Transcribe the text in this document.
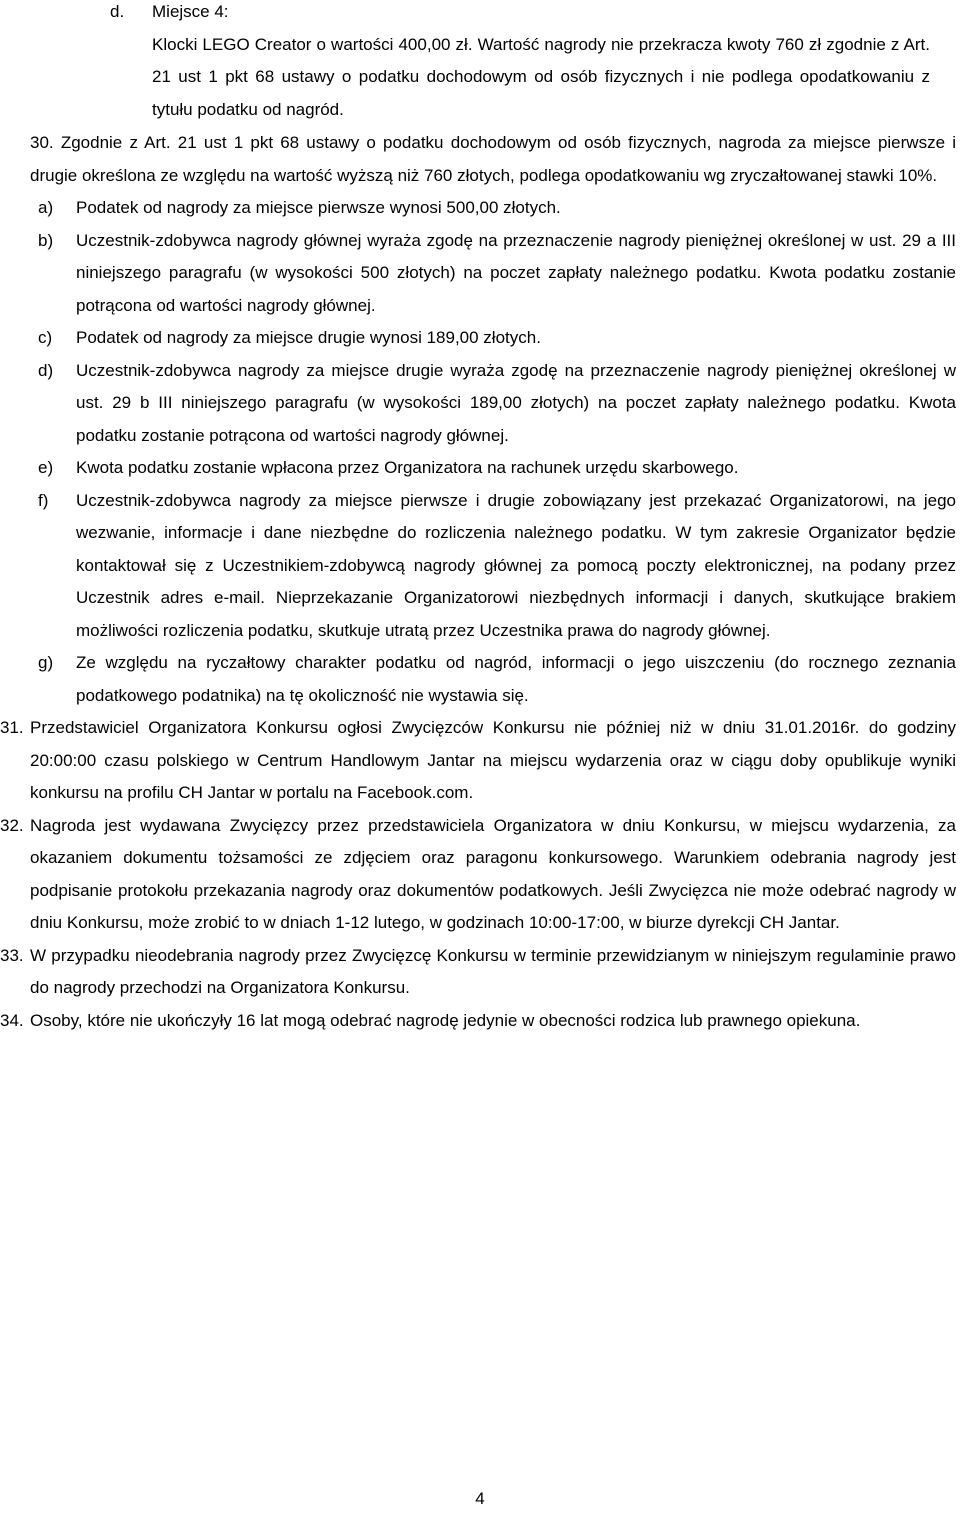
d. Miejsce 4:
Klocki LEGO Creator o wartości 400,00 zł. Wartość nagrody nie przekracza kwoty 760 zł zgodnie z Art. 21 ust 1 pkt 68 ustawy o podatku dochodowym od osób fizycznych i nie podlega opodatkowaniu z tytułu podatku od nagród.
30. Zgodnie z Art. 21 ust 1 pkt 68 ustawy o podatku dochodowym od osób fizycznych, nagroda za miejsce pierwsze i drugie określona ze względu na wartość wyższą niż 760 złotych, podlega opodatkowaniu wg zryczałtowanej stawki 10%.
a) Podatek od nagrody za miejsce pierwsze wynosi 500,00 złotych.
b) Uczestnik-zdobywca nagrody głównej wyraża zgodę na przeznaczenie nagrody pieniężnej określonej w ust. 29 a III niniejszego paragrafu (w wysokości 500 złotych) na poczet zapłaty należnego podatku. Kwota podatku zostanie potrącona od wartości nagrody głównej.
c) Podatek od nagrody za miejsce drugie wynosi 189,00 złotych.
d) Uczestnik-zdobywca nagrody za miejsce drugie wyraża zgodę na przeznaczenie nagrody pieniężnej określonej w ust. 29 b III niniejszego paragrafu (w wysokości 189,00 złotych) na poczet zapłaty należnego podatku. Kwota podatku zostanie potrącona od wartości nagrody głównej.
e) Kwota podatku zostanie wpłacona przez Organizatora na rachunek urzędu skarbowego.
f) Uczestnik-zdobywca nagrody za miejsce pierwsze i drugie zobowiązany jest przekazać Organizatorowi, na jego wezwanie, informacje i dane niezbędne do rozliczenia należnego podatku. W tym zakresie Organizator będzie kontaktował się z Uczestnikiem-zdobywcą nagrody głównej za pomocą poczty elektronicznej, na podany przez Uczestnik adres e-mail. Nieprzekazanie Organizatorowi niezbędnych informacji i danych, skutkujące brakiem możliwości rozliczenia podatku, skutkuje utratą przez Uczestnika prawa do nagrody głównej.
g) Ze względu na ryczałtowy charakter podatku od nagród, informacji o jego uiszczeniu (do rocznego zeznania podatkowego podatnika) na tę okoliczność nie wystawia się.
31. Przedstawiciel Organizatora Konkursu ogłosi Zwycięzców Konkursu nie później niż w dniu 31.01.2016r. do godziny 20:00:00 czasu polskiego w Centrum Handlowym Jantar na miejscu wydarzenia oraz w ciągu doby opublikuje wyniki konkursu na profilu CH Jantar w portalu na Facebook.com.
32. Nagroda jest wydawana Zwycięzcy przez przedstawiciela Organizatora w dniu Konkursu, w miejscu wydarzenia, za okazaniem dokumentu tożsamości ze zdjęciem oraz paragonu konkursowego. Warunkiem odebrania nagrody jest podpisanie protokołu przekazania nagrody oraz dokumentów podatkowych. Jeśli Zwycięzca nie może odebrać nagrody w dniu Konkursu, może zrobić to w dniach 1-12 lutego, w godzinach 10:00-17:00, w biurze dyrekcji CH Jantar.
33. W przypadku nieodebrania nagrody przez Zwycięzcę Konkursu w terminie przewidzianym w niniejszym regulaminie prawo do nagrody przechodzi na Organizatora Konkursu.
34. Osoby, które nie ukończyły 16 lat mogą odebrać nagrodę jedynie w obecności rodzica lub prawnego opiekuna.
4
